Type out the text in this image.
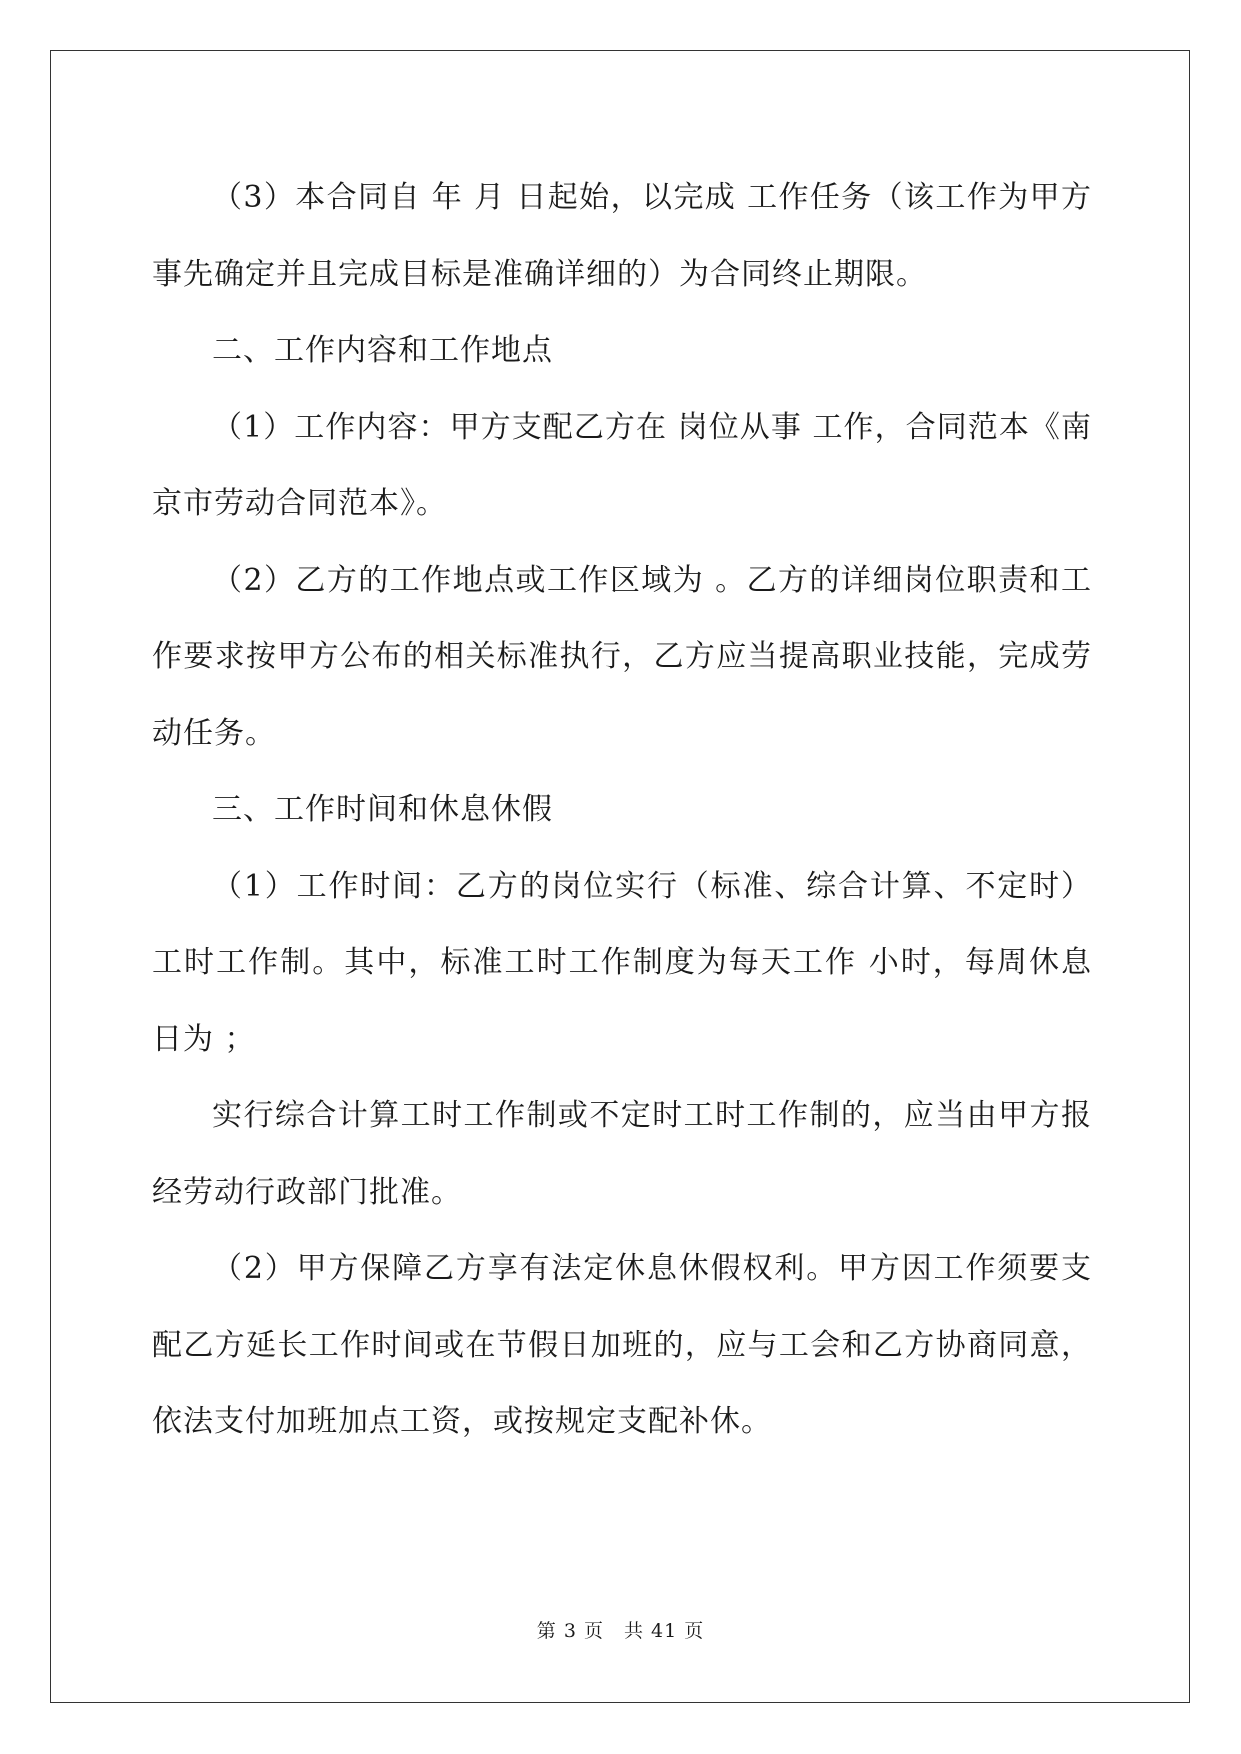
（3）本合同自 年 月 日起始，以完成 工作任务（该工作为甲方事先确定并且完成目标是准确详细的）为合同终止期限。

二、工作内容和工作地点

（1）工作内容：甲方支配乙方在 岗位从事 工作，合同范本《南京市劳动合同范本》。

（2）乙方的工作地点或工作区域为 。乙方的详细岗位职责和工作要求按甲方公布的相关标准执行，乙方应当提高职业技能，完成劳动任务。

三、工作时间和休息休假

（1）工作时间：乙方的岗位实行（标准、综合计算、不定时）工时工作制。其中，标准工时工作制度为每天工作 小时，每周休息日为 ；

实行综合计算工时工作制或不定时工时工作制的，应当由甲方报经劳动行政部门批准。

（2）甲方保障乙方享有法定休息休假权利。甲方因工作须要支配乙方延长工作时间或在节假日加班的，应与工会和乙方协商同意，依法支付加班加点工资，或按规定支配补休。

第 3 页　共 41 页
